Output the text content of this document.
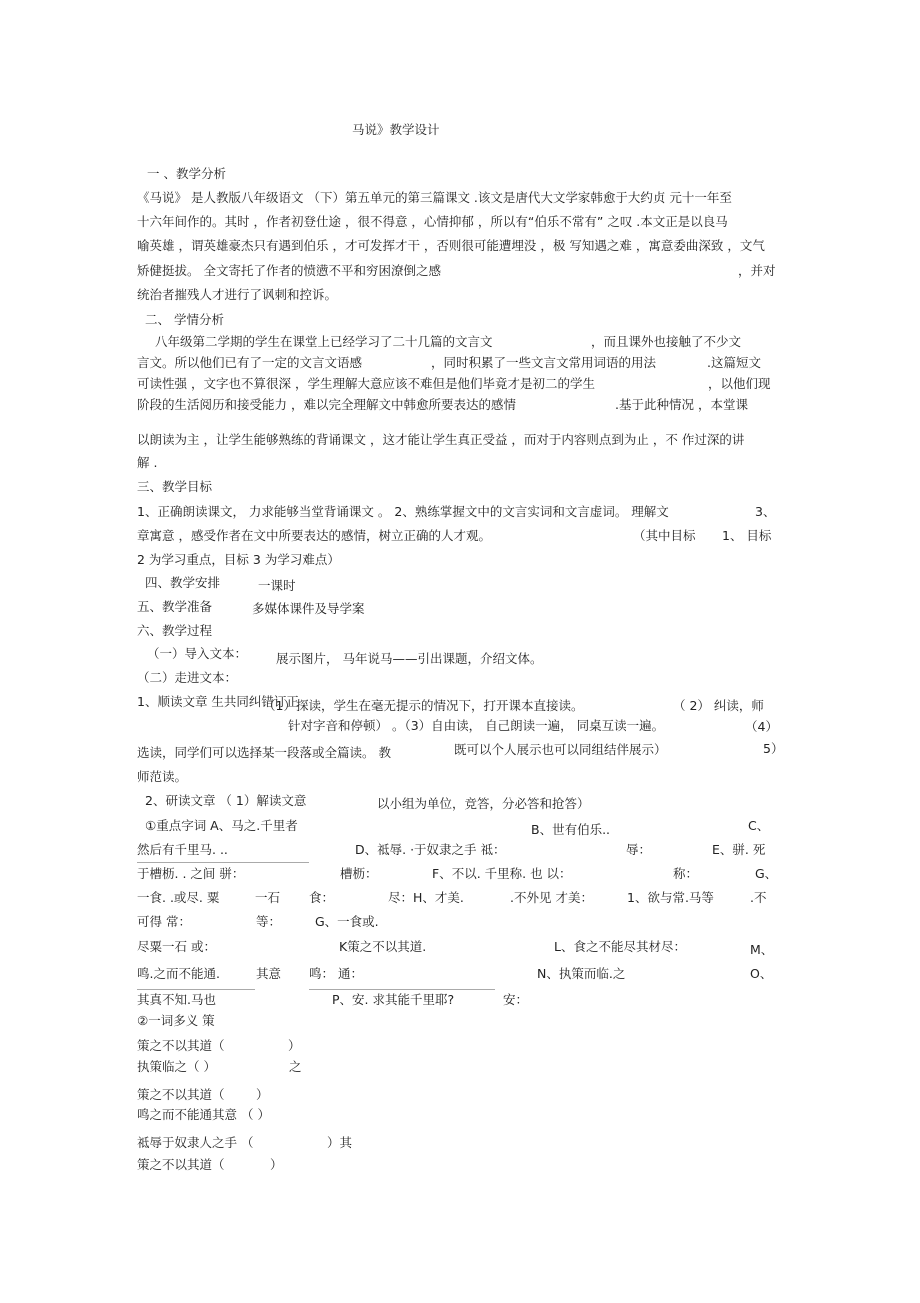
马说》教学设计
一 、教学分析
《马说》 是人教版八年级语文 （下）第五单元的第三篇课文 .该文是唐代大文学家韩愈于大约贞 元十一年至
十六年间作的。其时 ，作者初登仕途 ，很不得意 ，心情抑郁 ，所以有“伯乐不常有” 之叹 .本文正是以良马
喻英雄 ，谓英雄豪杰只有遇到伯乐 ，才可发挥才干 ，否则很可能遭埋没 ，极 写知遇之难 ，寓意委曲深致 ，文气
矫健挺拔。 全文寄托了作者的愤懑不平和穷困潦倒之感	，并对
统治者摧残人才进行了讽刺和控诉。
二、 学情分析
八年级第二学期的学生在课堂上已经学习了二十几篇的文言文	，而且课外也接触了不少文
言文。所以他们已有了一定的文言文语感	，同时积累了一些文言文常用词语的用法	.这篇短文
可读性强 ，文字也不算很深 ，学生理解大意应该不难但是他们毕竟才是初二的学生	，以他们现
阶段的生活阅历和接受能力 ，难以完全理解文中韩愈所要表达的感情	.基于此种情况 ，本堂课
以朗读为主 ，让学生能够熟练的背诵课文 ，这才能让学生真正受益 ，而对于内容则点到为止 ，不 作过深的讲
解 .
三、教学目标
1、正确朗读课文， 力求能够当堂背诵课文 。 2、熟练掌握文中的文言实词和文言虚词。 理解文	3、
章寓意 ，感受作者在文中所要表达的感情，树立正确的人才观。	（其中目标 1、 目标
2 为学习重点，目标 3 为学习难点）
四、教学安排	一课时
五、教学准备	多媒体课件及导学案
六、教学过程
（一）导入文本： 展示图片， 马年说马——引出课题，介绍文体。
（二）走进文本：
1、顺读文章 生共同纠错订正
（1）探读，学生在毫无提示的情况下，打开课本直接读。	（ 2） 纠读，师
针对字音和停顿） 。（3）自由读， 自己朗读一遍， 同桌互读一遍。	（4）
选读，同学们可以选择某一段落或全篇读。 教	既可以个人展示也可以同组结伴展示）	5）
师范读。
2、研读文章 （ 1）解读文意	以小组为单位，竞答，分必答和抢答）
①重点字词 A、马之.千里者	B、世有伯乐..	C、
然后有千里马. ..	D、祗辱. ·于奴隶之手 祗：	辱：	E、骈. 死
于槽枥. . 之间 骈：	槽枥：	F、不以. 千里称. 也 以：	称：	G、
一食. .或尽. 粟	一石 食：	尽：H、才美.	.不外见 才美：	1、欲与常.马等	.不
可得 常：	等：	G、一食或.
尽粟一石 或：	K策之不以其道.	L、食之不能尽其材尽：	M、
鸣.之而不能通.	其意 鸣： 通：	N、执策而临.之	O、
其真不知.马也	P、安. 求其能千里耶?	安：
②一词多义 策
策之不以其道（	）
执策临之（ ）	之
策之不以其道（	）
鸣之而不能通其意 （ ）
祗辱于奴隶人之手 （	）其
策之不以其道（	）
